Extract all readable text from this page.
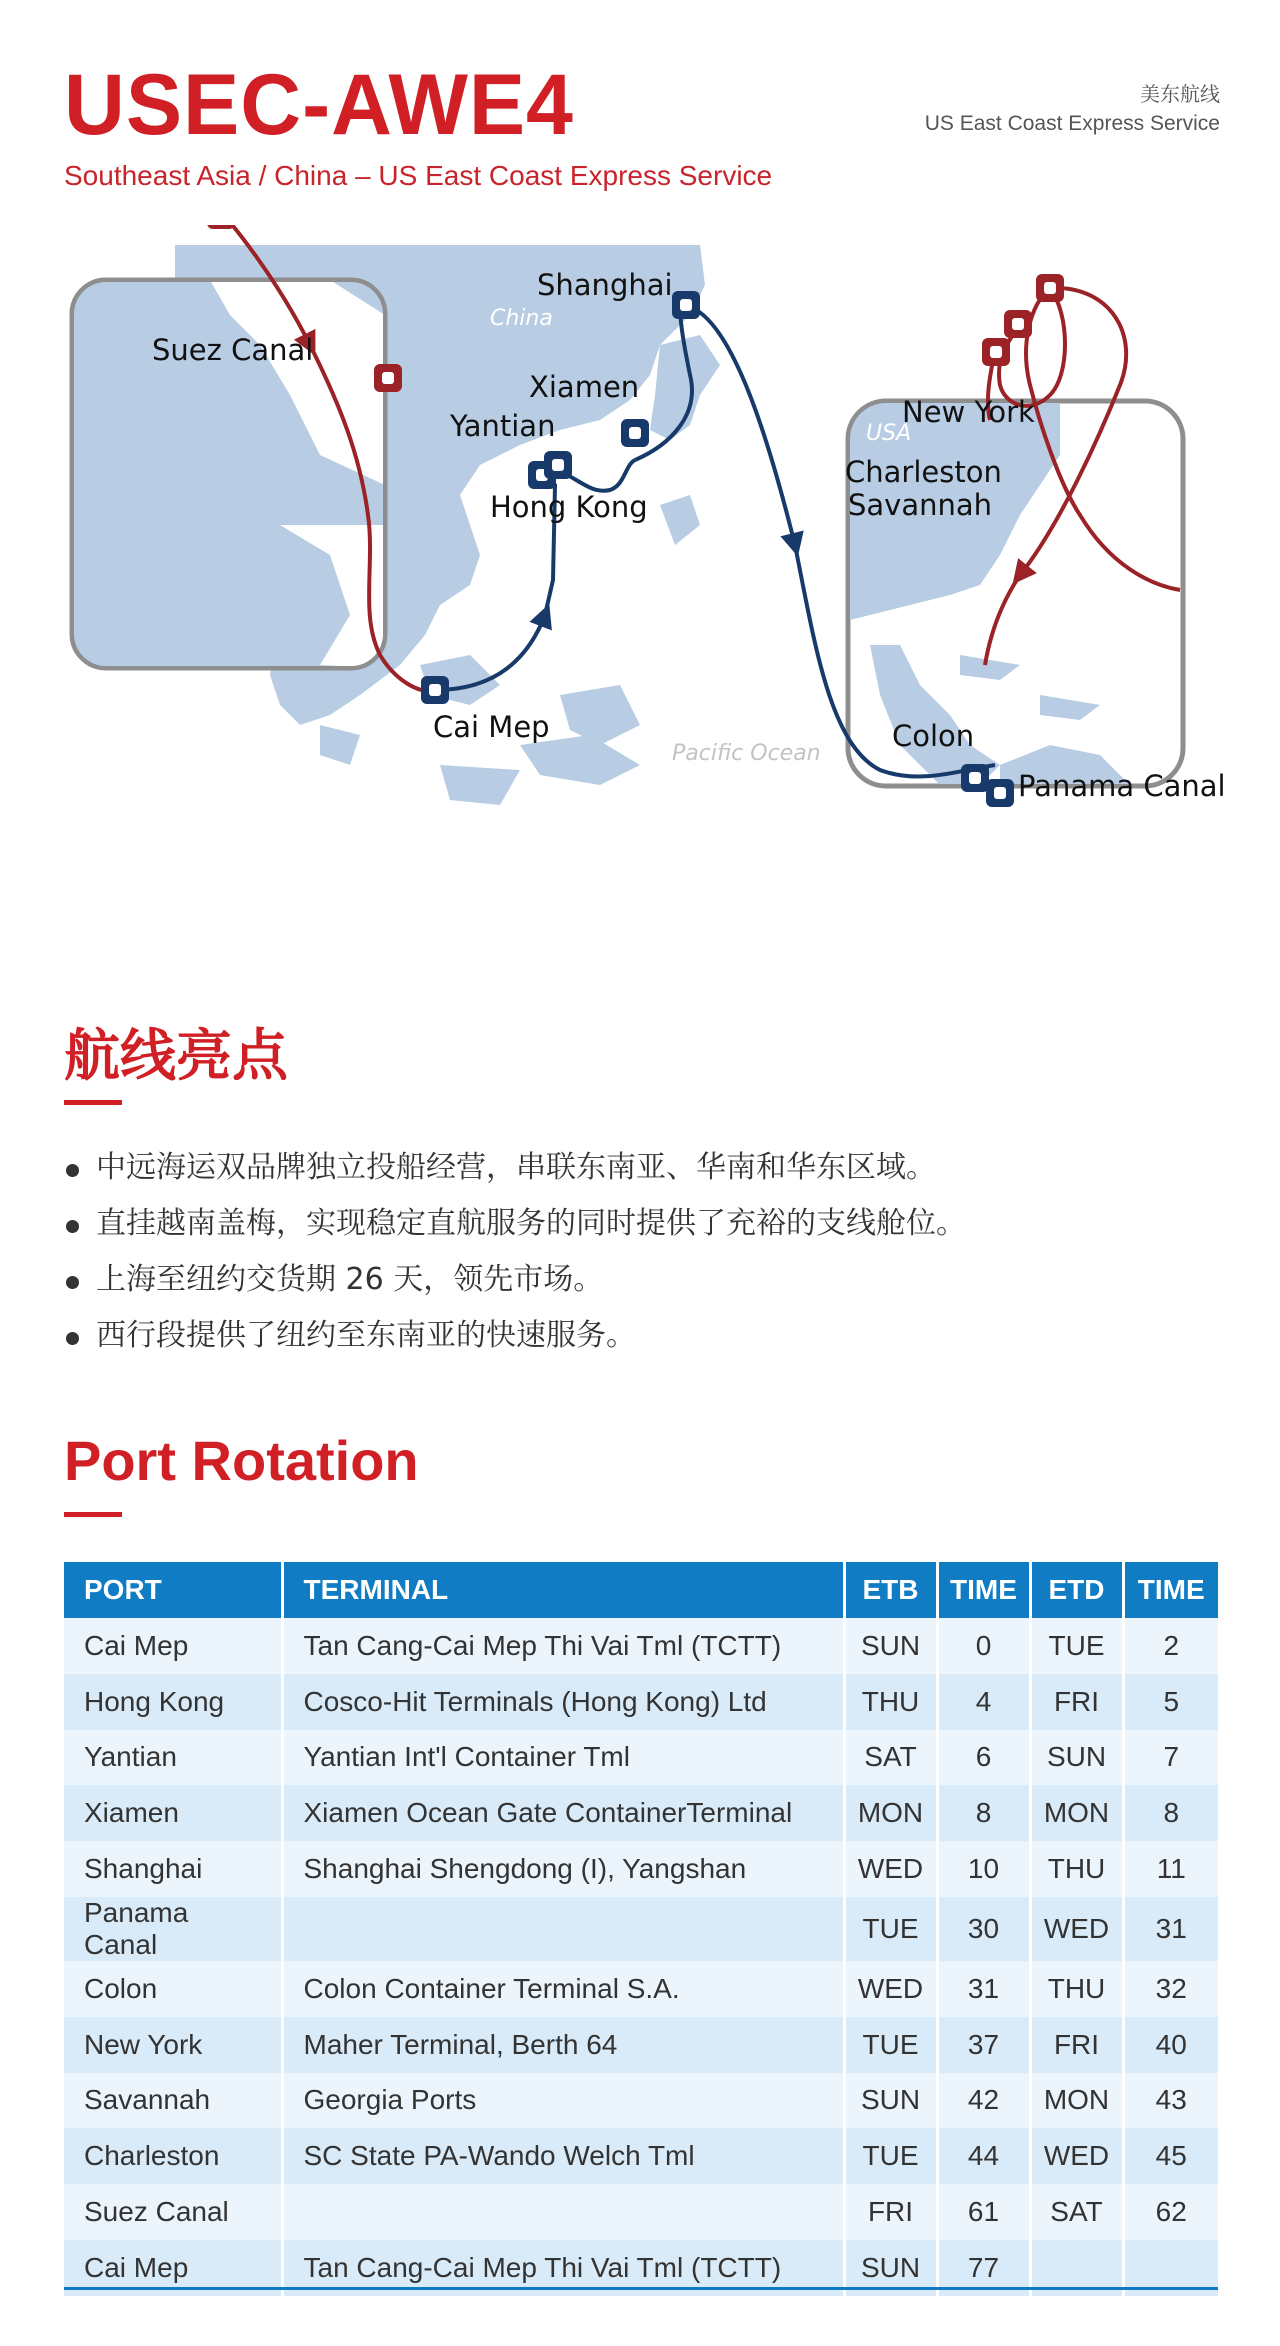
USEC-AWE4
Southeast Asia / China – US East Coast Express Service
美东航线
US East Coast Express Service
China
USA
Pacific Ocean
Suez Canal
Shanghai
Xiamen
Yantian
Hong Kong
Cai Mep
New York
Charleston
Savannah
Colon
Panama Canal
航线亮点
中远海运双品牌独立投船经营，串联东南亚、华南和华东区域。
直挂越南盖梅，实现稳定直航服务的同时提供了充裕的支线舱位。
上海至纽约交货期 26 天，领先市场。
西行段提供了纽约至东南亚的快速服务。
Port Rotation
PORT	TERMINAL	ETB	TIME	ETD	TIME
Cai Mep	Tan Cang-Cai Mep Thi Vai Tml (TCTT)	SUN	0	TUE	2
Hong Kong	Cosco-Hit Terminals (Hong Kong) Ltd	THU	4	FRI	5
Yantian	Yantian Int'l Container Tml	SAT	6	SUN	7
Xiamen	Xiamen Ocean Gate ContainerTerminal	MON	8	MON	8
Shanghai	Shanghai Shengdong (I), Yangshan	WED	10	THU	11
Panama Canal		TUE	30	WED	31
Colon	Colon Container Terminal S.A.	WED	31	THU	32
New York	Maher Terminal, Berth 64	TUE	37	FRI	40
Savannah	Georgia Ports	SUN	42	MON	43
Charleston	SC State PA-Wando Welch Tml	TUE	44	WED	45
Suez Canal		FRI	61	SAT	62
Cai Mep	Tan Cang-Cai Mep Thi Vai Tml (TCTT)	SUN	77		
